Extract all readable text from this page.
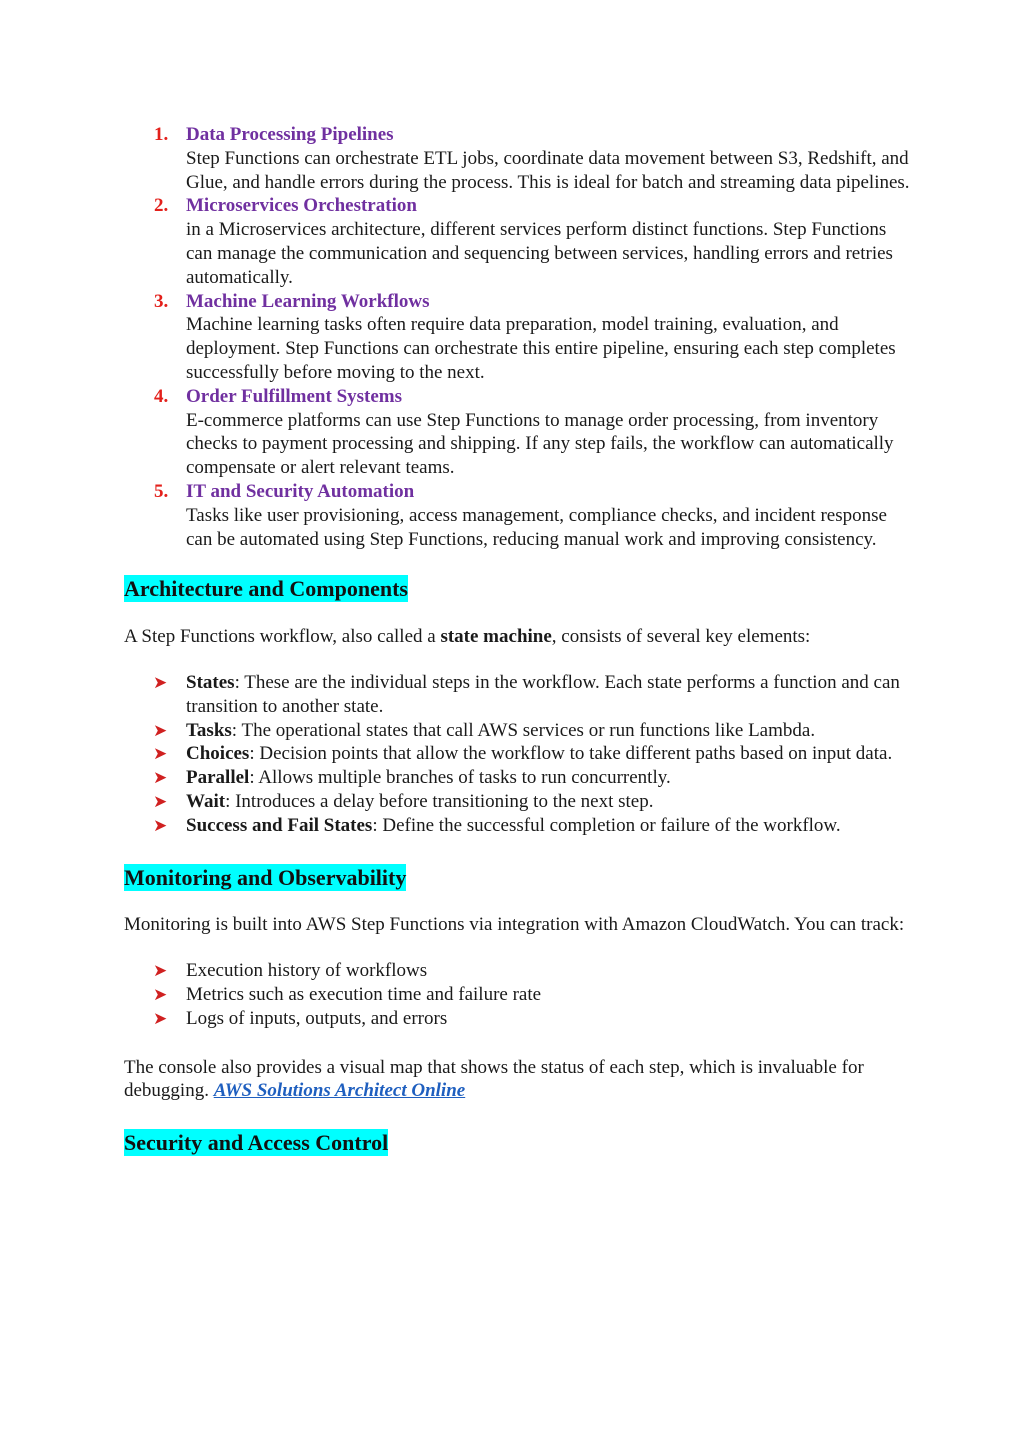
1. Data Processing Pipelines
Step Functions can orchestrate ETL jobs, coordinate data movement between S3, Redshift, and Glue, and handle errors during the process. This is ideal for batch and streaming data pipelines.
2. Microservices Orchestration
in a Microservices architecture, different services perform distinct functions. Step Functions can manage the communication and sequencing between services, handling errors and retries automatically.
3. Machine Learning Workflows
Machine learning tasks often require data preparation, model training, evaluation, and deployment. Step Functions can orchestrate this entire pipeline, ensuring each step completes successfully before moving to the next.
4. Order Fulfillment Systems
E-commerce platforms can use Step Functions to manage order processing, from inventory checks to payment processing and shipping. If any step fails, the workflow can automatically compensate or alert relevant teams.
5. IT and Security Automation
Tasks like user provisioning, access management, compliance checks, and incident response can be automated using Step Functions, reducing manual work and improving consistency.
Architecture and Components

A Step Functions workflow, also called a state machine, consists of several key elements:

➤ States: These are the individual steps in the workflow. Each state performs a function and can transition to another state.
➤ Tasks: The operational states that call AWS services or run functions like Lambda.
➤ Choices: Decision points that allow the workflow to take different paths based on input data.
➤ Parallel: Allows multiple branches of tasks to run concurrently.
➤ Wait: Introduces a delay before transitioning to the next step.
➤ Success and Fail States: Define the successful completion or failure of the workflow.
Monitoring and Observability

Monitoring is built into AWS Step Functions via integration with Amazon CloudWatch. You can track:

➤ Execution history of workflows
➤ Metrics such as execution time and failure rate
➤ Logs of inputs, outputs, and errors

The console also provides a visual map that shows the status of each step, which is invaluable for debugging. AWS Solutions Architect Online

Security and Access Control
